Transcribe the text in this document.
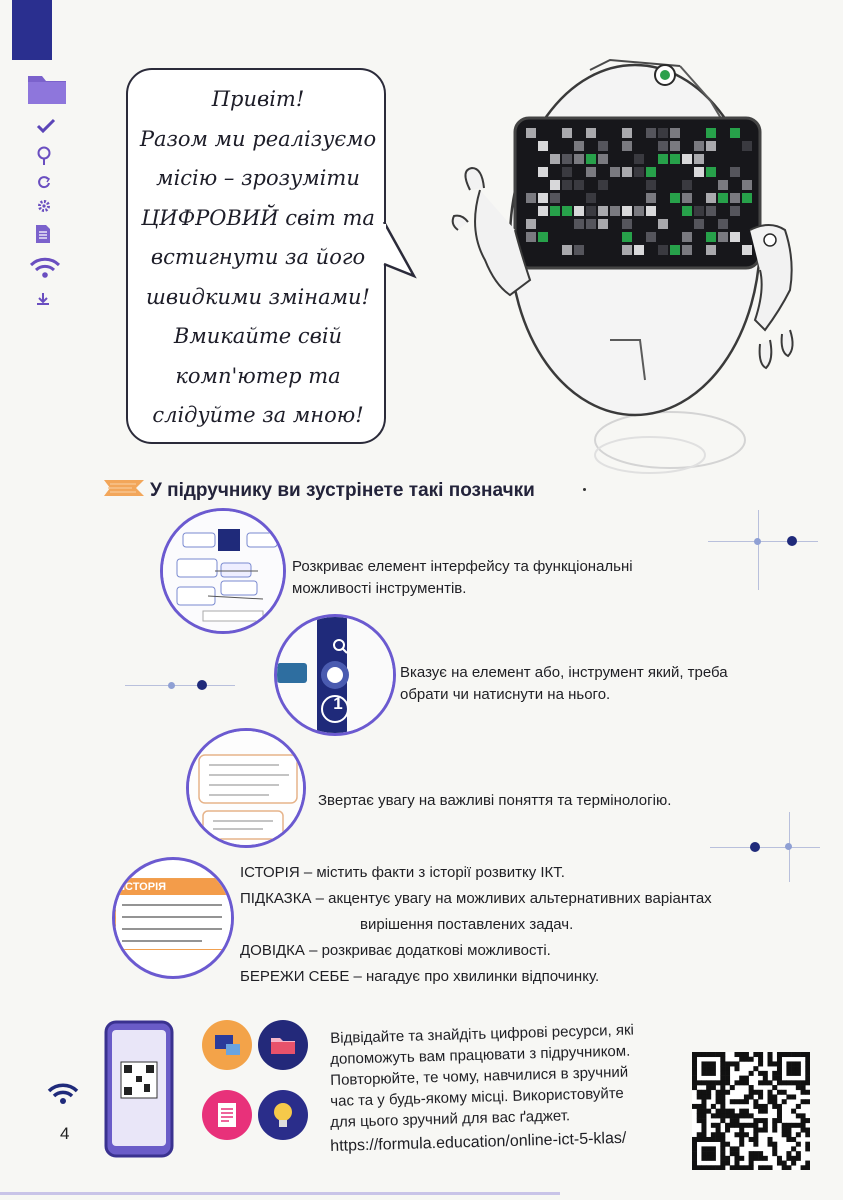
Привіт!
Разом ми реалізуємо
місію – зрозуміти
ЦИФРОВИЙ світ та
встигнути за його
швидкими змінами!
Вмикайте свій
комп'ютер та
слідуйте за мною!
У підручнику ви зустрінете такі позначки
Розкриває елемент інтерфейсу та функціональні можливості інструментів.
1
Вказує на елемент або, інструмент який, треба обрати чи натиснути на нього.
Звертає увагу на важливі поняття та термінологію.
ІСТОРІЯ
ІСТОРІЯ – містить факти з історії розвитку ІКТ.
ПІДКАЗКА – акцентує увагу на можливих альтернативних варіантах
вирішення поставлених задач.
ДОВІДКА – розкриває додаткові можливості.
БЕРЕЖИ СЕБЕ – нагадує про хвилинки відпочинку.
Відвідайте та знайдіть цифрові ресурси, які
допоможуть вам працювати з підручником.
Повторюйте, те чому, навчилися в зручний
час та у будь-якому місці. Використовуйте
для цього зручний для вас ґаджет.
https://formula.education/online-ict-5-klas/
4
